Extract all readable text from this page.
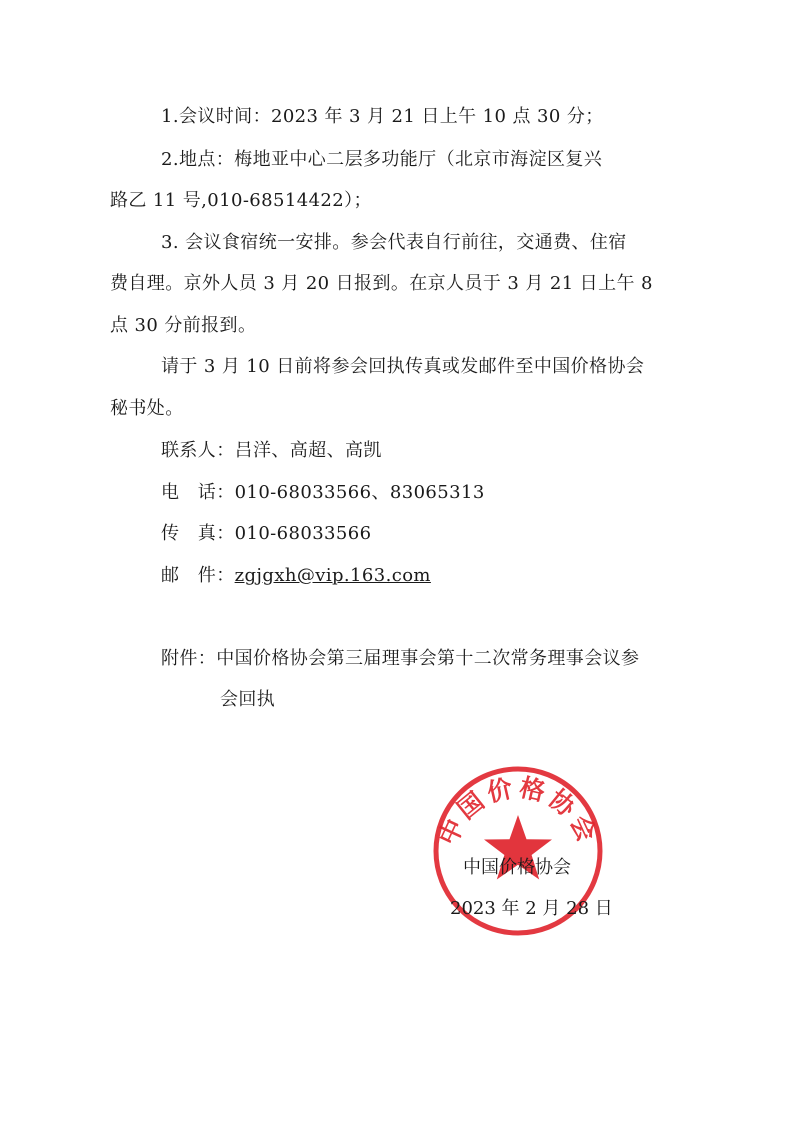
1.会议时间：2023 年 3 月 21 日上午 10 点 30 分；
2.地点：梅地亚中心二层多功能厅（北京市海淀区复兴
路乙 11 号,010-68514422）；
3. 会议食宿统一安排。参会代表自行前往，交通费、住宿
费自理。京外人员 3 月 20 日报到。在京人员于 3 月 21 日上午 8
点 30 分前报到。
请于 3 月 10 日前将参会回执传真或发邮件至中国价格协会
秘书处。
联系人：吕洋、高超、高凯
电　话：010-68033566、83065313
传　真：010-68033566
邮　件：zgjgxh@vip.163.com
附件：中国价格协会第三届理事会第十二次常务理事会议参
会回执
中国价格协会
中国价格协会
2023 年 2 月 28 日
